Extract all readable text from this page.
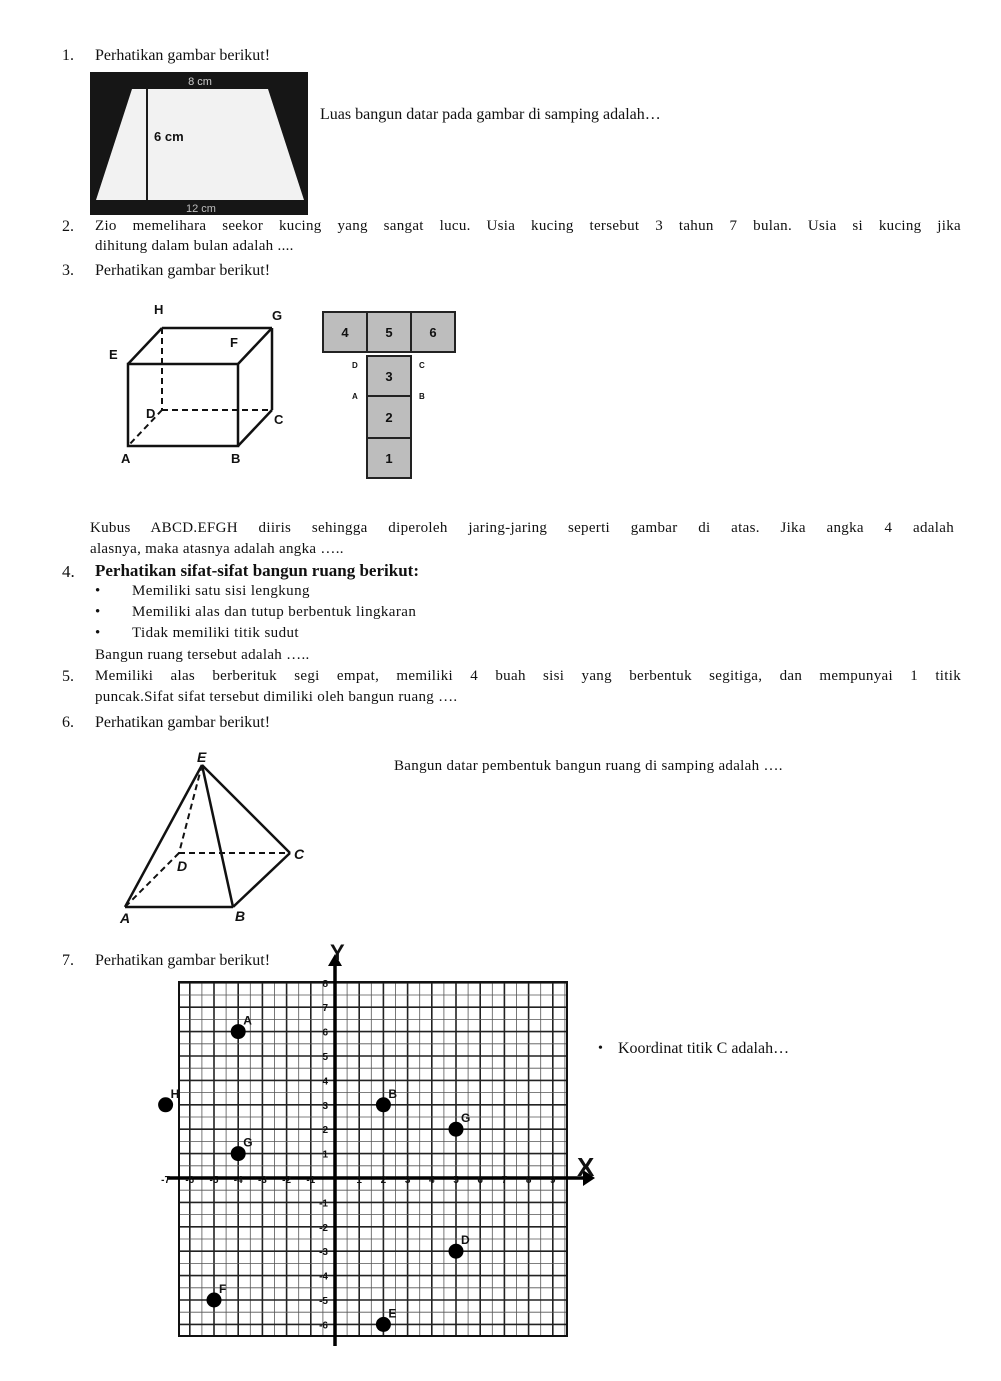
1. Perhatikan gambar berikut!
8 cm
6 cm
12 cm
Luas bangun datar pada gambar di samping adalah…
2. Zio memelihara seekor kucing yang sangat lucu. Usia kucing tersebut 3 tahun 7 bulan. Usia si kucing jika
dihitung dalam bulan adalah ....
3. Perhatikan gambar berikut!
H	G
E
F
D	C
A	B
4	5	6
3
2
1
D	C
A	B
Kubus ABCD.EFGH diiris sehingga diperoleh jaring-jaring seperti gambar di atas. Jika angka 4 adalah
alasnya, maka atasnya adalah angka …..
4. Perhatikan sifat-sifat bangun ruang berikut:
• Memiliki satu sisi lengkung
• Memiliki alas dan tutup berbentuk lingkaran
• Tidak memiliki titik sudut
Bangun ruang tersebut adalah …..
5. Memiliki alas berberituk segi empat, memiliki 4 buah sisi yang berbentuk segitiga, dan mempunyai 1 titik
puncak.Sifat sifat tersebut dimiliki oleh bangun ruang ….
6. Perhatikan gambar berikut!
E
D
C
A	B
Bangun datar pembentuk bangun ruang di samping adalah ….
7. Perhatikan gambar berikut!
-7 -6 -5 -4 -3 -2 -1	1 2 3 4 5 6 7 8 9
8
7
6
5
4
3
2
1
-1
-2
-3
-4
-5
-6
A
H
G
B
G
D
F
E
Y
X
• Koordinat titik C adalah…
